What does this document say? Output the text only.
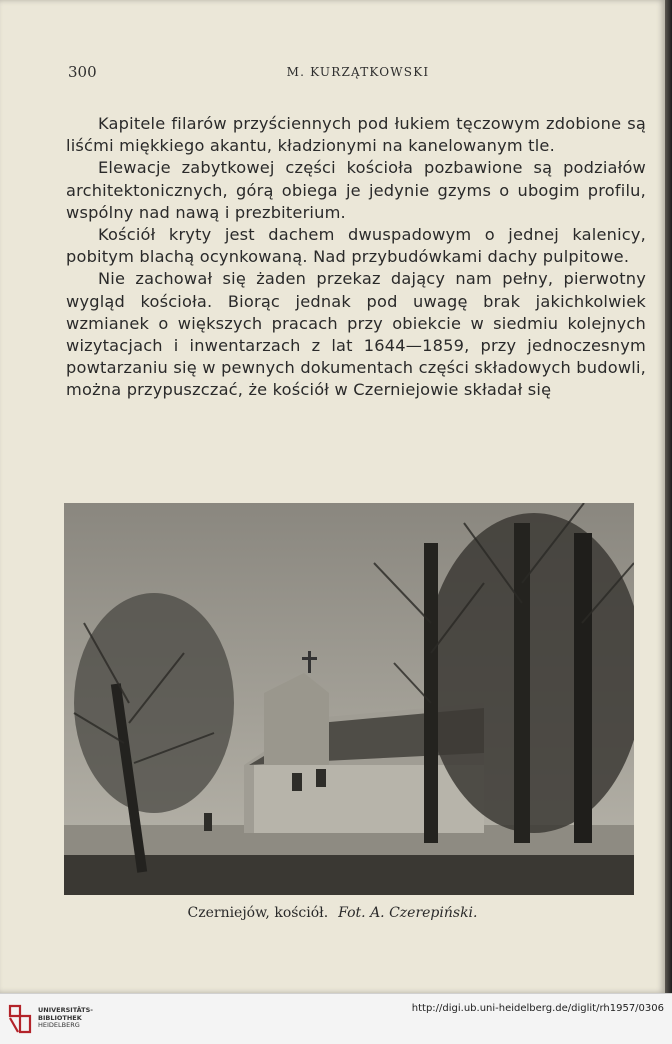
300	M. KURZĄTKOWSKI

Kapitele filarów przyściennych pod łukiem tęczowym zdobione są liśćmi miękkiego akantu, kładzionymi na kanelowanym tle.

Elewacje zabytkowej części kościoła pozbawione są podziałów architektonicznych, górą obiega je jedynie gzyms o ubogim profilu, wspólny nad nawą i prezbiterium.

Kościół kryty jest dachem dwuspadowym o jednej kalenicy, pobitym blachą ocynkowaną. Nad przybudówkami dachy pulpitowe.

Nie zachował się żaden przekaz dający nam pełny, pierwotny wygląd kościoła. Biorąc jednak pod uwagę brak jakichkolwiek wzmianek o większych pracach przy obiekcie w siedmiu kolejnych wizytacjach i inwentarzach z lat 1644—1859, przy jednoczesnym powtarzaniu się w pewnych dokumentach części składowych budowli, można przypuszczać, że kościół w Czerniejowie składał się

Czerniejów, kościół. Fot. A. Czerepiński.
UNIVERSITÄTS-
BIBLIOTHEK
HEIDELBERG
http://digi.ub.uni-heidelberg.de/diglit/rh1957/0306
